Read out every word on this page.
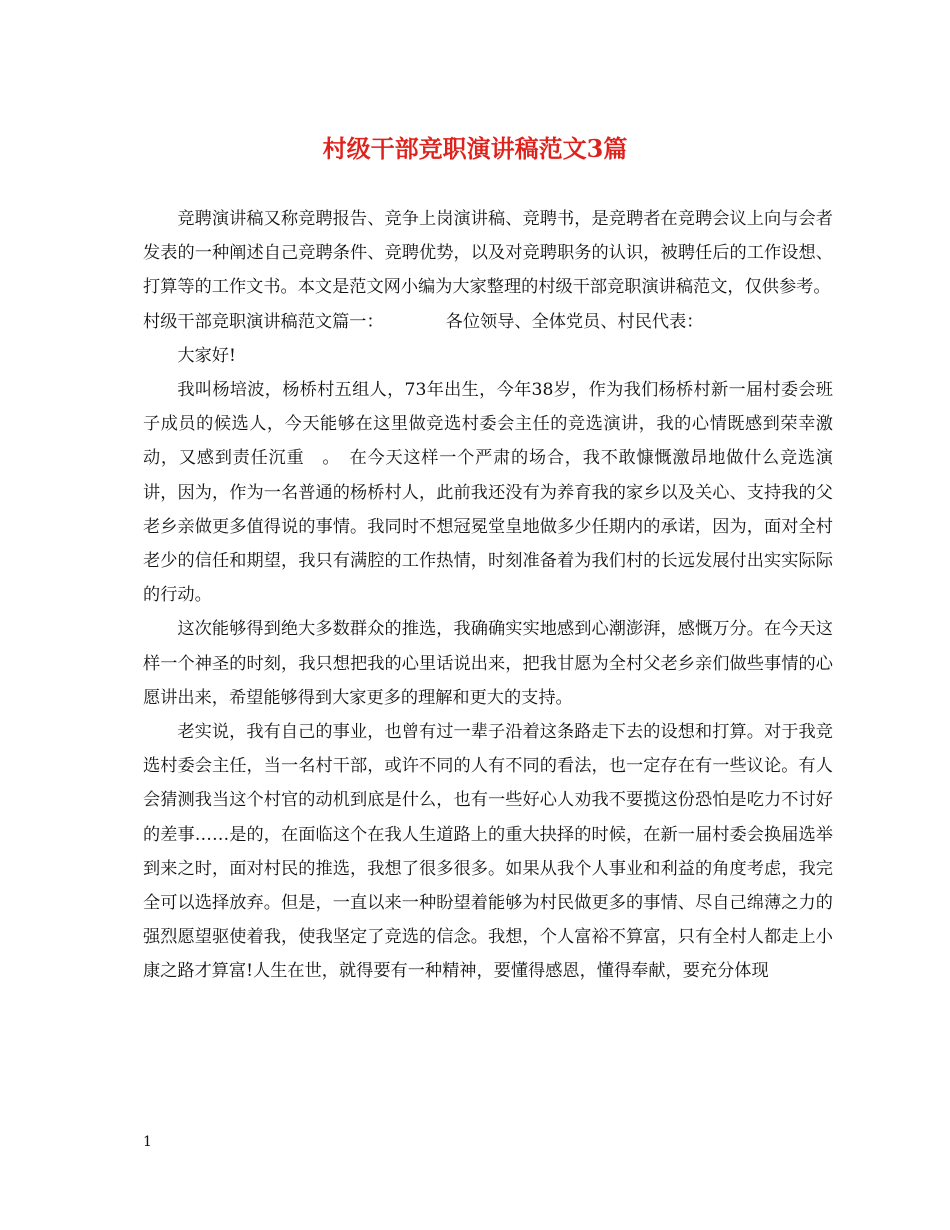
村级干部竞职演讲稿范文3篇

竞聘演讲稿又称竞聘报告、竞争上岗演讲稿、竞聘书，是竞聘者在竞聘会议上向与会者发表的一种阐述自己竞聘条件、竞聘优势，以及对竞聘职务的认识，被聘任后的工作设想、打算等的工作文书。本文是范文网小编为大家整理的村级干部竞职演讲稿范文，仅供参考。

村级干部竞职演讲稿范文篇一：	各位领导、全体党员、村民代表：

大家好!

我叫杨培波，杨桥村五组人，73年出生，今年38岁，作为我们杨桥村新一届村委会班子成员的候选人，今天能够在这里做竞选村委会主任的竞选演讲，我的心情既感到荣幸激动，又感到责任沉重　。　在今天这样一个严肃的场合，我不敢慷慨激昂地做什么竞选演讲，因为，作为一名普通的杨桥村人，此前我还没有为养育我的家乡以及关心、支持我的父老乡亲做更多值得说的事情。我同时不想冠冕堂皇地做多少任期内的承诺，因为，面对全村老少的信任和期望，我只有满腔的工作热情，时刻准备着为我们村的长远发展付出实实际际的行动。

这次能够得到绝大多数群众的推选，我确确实实地感到心潮澎湃，感慨万分。在今天这样一个神圣的时刻，我只想把我的心里话说出来，把我甘愿为全村父老乡亲们做些事情的心愿讲出来，希望能够得到大家更多的理解和更大的支持。

老实说，我有自己的事业，也曾有过一辈子沿着这条路走下去的设想和打算。对于我竞选村委会主任，当一名村干部，或许不同的人有不同的看法，也一定存在有一些议论。有人会猜测我当这个村官的动机到底是什么，也有一些好心人劝我不要揽这份恐怕是吃力不讨好的差事……是的，在面临这个在我人生道路上的重大抉择的时候，在新一届村委会换届选举到来之时，面对村民的推选，我想了很多很多。如果从我个人事业和利益的角度考虑，我完全可以选择放弃。但是，一直以来一种盼望着能够为村民做更多的事情、尽自己绵薄之力的强烈愿望驱使着我，使我坚定了竞选的信念。我想，个人富裕不算富，只有全村人都走上小康之路才算富!人生在世，就得要有一种精神，要懂得感恩，懂得奉献，要充分体现

1
